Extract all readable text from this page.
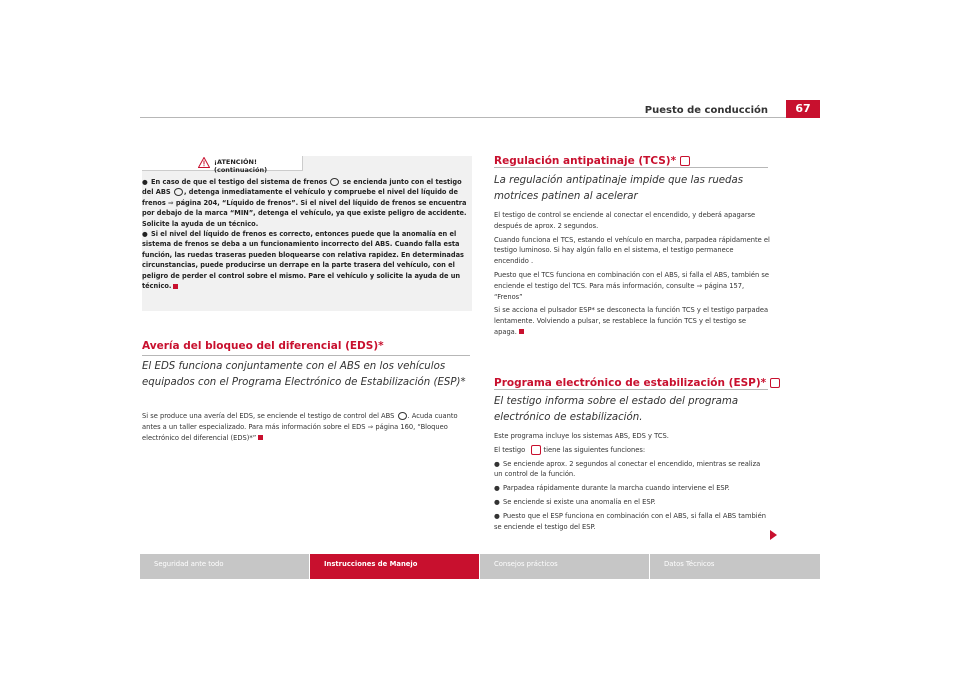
Puesto de conducción	67
¡ATENCIÓN! (continuación)

● En caso de que el testigo del sistema de frenos se encienda junto con el testigo del ABS , detenga inmediatamente el vehículo y compruebe el nivel del líquido de frenos ⇒ página 204, “Líquido de frenos”. Si el nivel del líquido de frenos se encuentra por debajo de la marca “MIN”, detenga el vehículo, ya que existe peligro de accidente. Solicite la ayuda de un técnico.

● Si el nivel del líquido de frenos es correcto, entonces puede que la anomalía en el sistema de frenos se deba a un funcionamiento incorrecto del ABS. Cuando falla esta función, las ruedas traseras pueden bloquearse con relativa rapidez. En determinadas circunstancias, puede producirse un derrape en la parte trasera del vehículo, con el peligro de perder el control sobre el mismo. Pare el vehículo y solicite la ayuda de un técnico.

Avería del bloqueo del diferencial (EDS)*
El EDS funciona conjuntamente con el ABS en los vehículos equipados con el Programa Electrónico de Estabilización (ESP)*
Si se produce una avería del EDS, se enciende el testigo de control del ABS . Acuda cuanto antes a un taller especializado. Para más información sobre el EDS ⇒ página 160, “Bloqueo electrónico del diferencial (EDS)*”
Regulación antipatinaje (TCS)*
La regulación antipatinaje impide que las ruedas motrices patinen al acelerar

El testigo de control se enciende al conectar el encendido, y deberá apagarse después de aprox. 2 segundos.

Cuando funciona el TCS, estando el vehículo en marcha, parpadea rápidamente el testigo luminoso. Si hay algún fallo en el sistema, el testigo permanece encendido .

Puesto que el TCS funciona en combinación con el ABS, si falla el ABS, también se enciende el testigo del TCS. Para más información, consulte ⇒ página 157, “Frenos”

Si se acciona el pulsador ESP* se desconecta la función TCS y el testigo parpadea lentamente. Volviendo a pulsar, se restablece la función TCS y el testigo se apaga.

Programa electrónico de estabilización (ESP)*
El testigo informa sobre el estado del programa electrónico de estabilización.

Este programa incluye los sistemas ABS, EDS y TCS.

El testigo	tiene las siguientes funciones:

● Se enciende aprox. 2 segundos al conectar el encendido, mientras se realiza un control de la función.

● Parpadea rápidamente durante la marcha cuando interviene el ESP.

● Se enciende si existe una anomalía en el ESP.

● Puesto que el ESP funciona en combinación con el ABS, si falla el ABS también se enciende el testigo del ESP.

Seguridad ante todo	Instrucciones de Manejo	Consejos prácticos	Datos Técnicos
